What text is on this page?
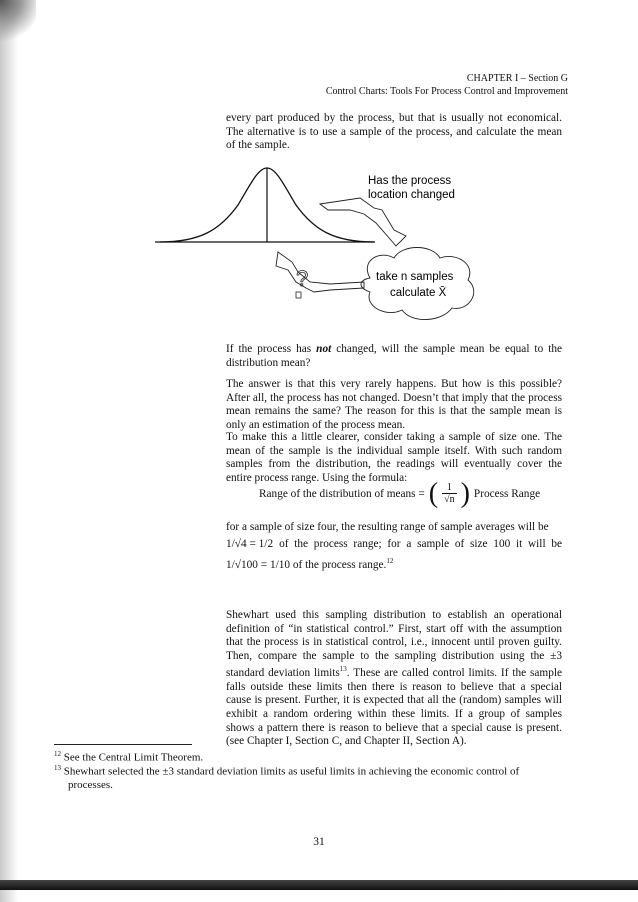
CHAPTER I – Section G
Control Charts: Tools For Process Control and Improvement

every part produced by the process, but that is usually not economical. The alternative is to use a sample of the process, and calculate the mean of the sample.

Has the process
location changed
take n samples
calculate X̄
?

If the process has not changed, will the sample mean be equal to the distribution mean?

The answer is that this very rarely happens. But how is this possible? After all, the process has not changed. Doesn’t that imply that the process mean remains the same? The reason for this is that the sample mean is only an estimation of the process mean.

To make this a little clearer, consider taking a sample of size one. The mean of the sample is the individual sample itself. With such random samples from the distribution, the readings will eventually cover the entire process range. Using the formula:

Range of the distribution of means = ( $\frac{1}{√n}$ ) Process Range
for a sample of size four, the resulting range of sample averages will be
1/√4 = 1/2 of the process range; for a sample of size 100 it will be
1/√100 = 1/10 of the process range.$^{12}$

Shewhart used this sampling distribution to establish an operational definition of “in statistical control.” First, start off with the assumption that the process is in statistical control, i.e., innocent until proven guilty. Then, compare the sample to the sampling distribution using the ±3 standard deviation limits$^{13}$. These are called control limits. If the sample falls outside these limits then there is reason to believe that a special cause is present. Further, it is expected that all the (random) samples will exhibit a random ordering within these limits. If a group of samples shows a pattern there is reason to believe that a special cause is present. (see Chapter I, Section C, and Chapter II, Section A).

$^{12}$ See the Central Limit Theorem.
$^{13}$ Shewhart selected the ±3 standard deviation limits as useful limits in achieving the economic control of
processes.
31
